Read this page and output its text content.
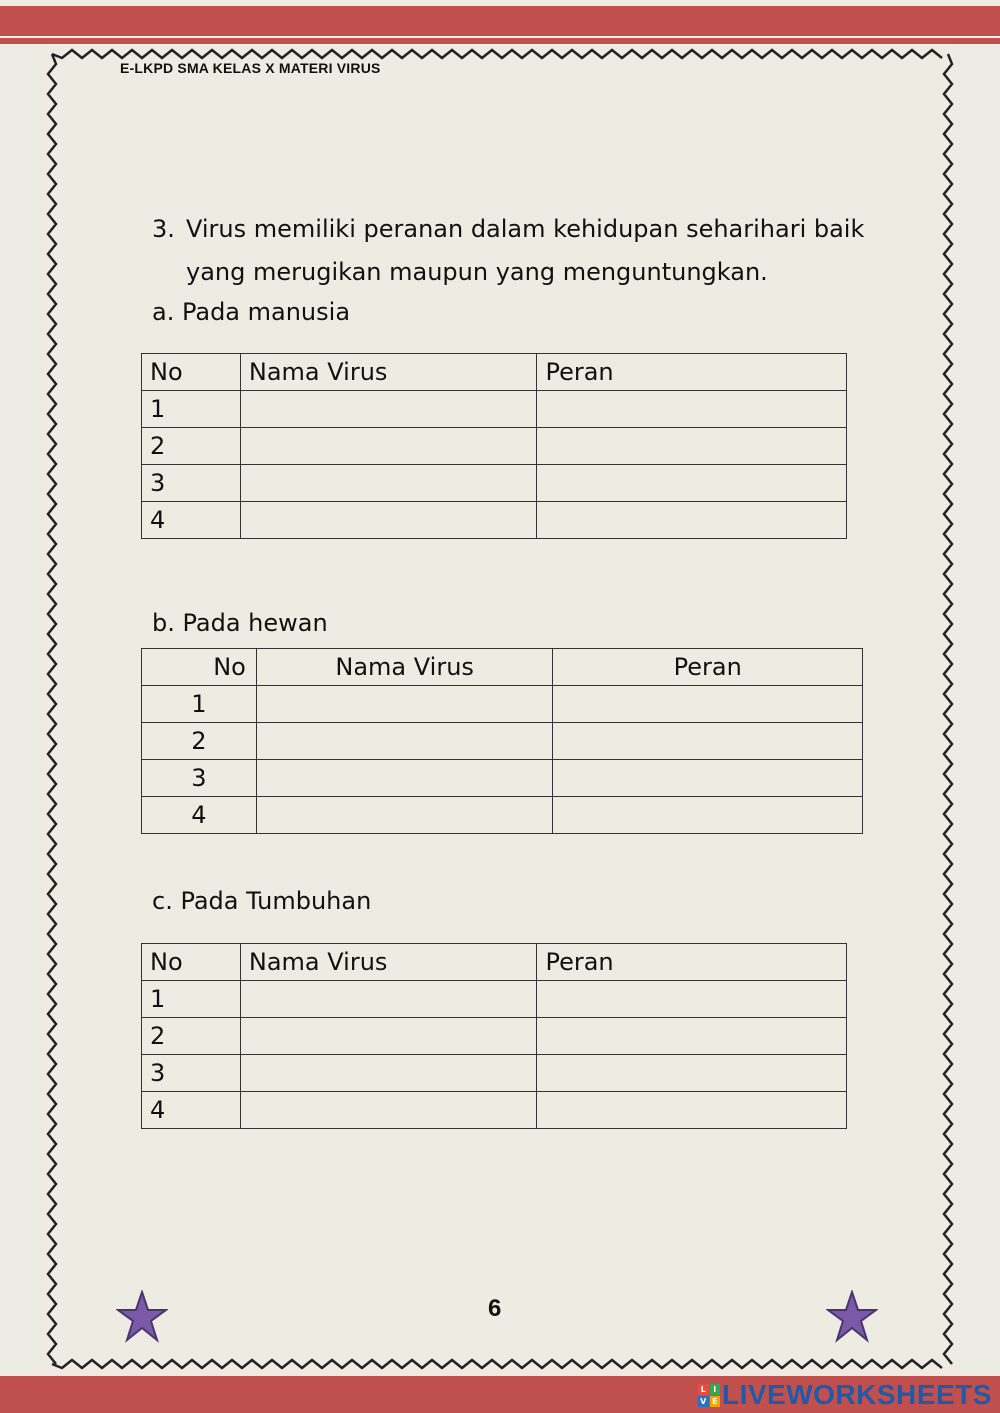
E-LKPD SMA KELAS X MATERI VIRUS
3. Virus memiliki peranan dalam kehidupan seharihari baik yang merugikan maupun yang menguntungkan.
a. Pada manusia
No	Nama Virus	Peran
1		
2		
3		
4		
b. Pada hewan
No	Nama Virus	Peran
1		
2		
3		
4		
c. Pada Tumbuhan
No	Nama Virus	Peran
1		
2		
3		
4		
6
L I
V E LIVEWORKSHEETS
